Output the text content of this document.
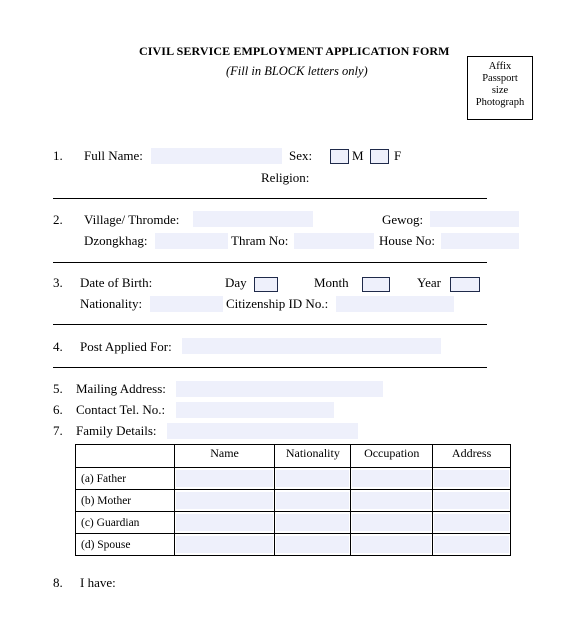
CIVIL SERVICE EMPLOYMENT APPLICATION FORM
(Fill in BLOCK letters only)	Affix
Passport
size
Photograph
1. Full Name:	Sex:	M F
Religion:
2. Village/ Thromde:	Gewog:
Dzongkhag:	Thram No:	House No:
3. Date of Birth:	Day	Month	Year
Nationality:	Citizenship ID No.:
4. Post Applied For:
5. Mailing Address:
6. Contact Tel. No.:
7. Family Details:
	Name	Nationality	Occupation	Address
(a) Father	

(b) Mother	

(c) Guardian	

(d) Spouse	

8. I have:
